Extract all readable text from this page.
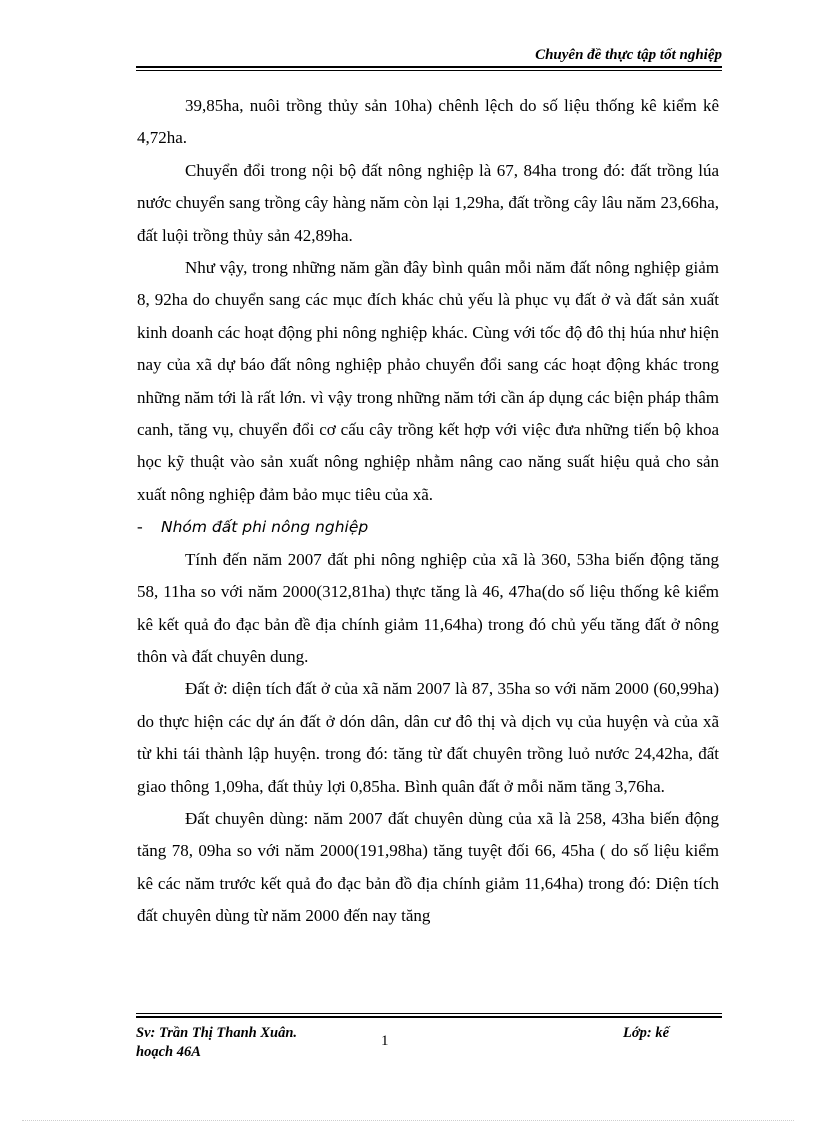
Chuyên đề thực tập tốt nghiệp

39,85ha, nuôi trồng thủy sản 10ha) chênh lệch do số liệu thống kê kiểm kê 4,72ha.

Chuyển đổi trong nội bộ đất nông nghiệp là 67, 84ha trong đó: đất trồng lúa nước chuyển sang trồng cây hàng năm còn lại 1,29ha, đất trồng cây lâu năm 23,66ha, đất luội trồng thủy sản 42,89ha.

Như vậy, trong những năm gần đây bình quân mỗi năm đất nông nghiệp giảm 8, 92ha do chuyển sang các mục đích khác chủ yếu là phục vụ đất ở và đất sản xuất kinh doanh các hoạt động phi nông nghiệp khác. Cùng với tốc độ đô thị húa như hiện nay của xã dự báo đất nông nghiệp phảo chuyển đổi sang các hoạt động khác trong những năm tới là rất lớn. vì vậy trong những năm tới cần áp dụng các biện pháp thâm canh, tăng vụ, chuyển đổi cơ cấu cây trồng kết hợp với việc đưa những tiến bộ khoa học kỹ thuật vào sản xuất nông nghiệp nhằm nâng cao năng suất hiệu quả cho sản xuất nông nghiệp đảm bảo mục tiêu của xã.

-	Nhóm đất phi nông nghiệp

Tính đến năm 2007 đất phi nông nghiệp của xã là 360, 53ha biến động tăng 58, 11ha so với năm 2000(312,81ha) thực tăng là 46, 47ha(do số liệu thống kê kiểm kê kết quả đo đạc bản đề địa chính giảm 11,64ha) trong đó chủ yếu tăng đất ở nông thôn và đất chuyên dung.

Đất ở: diện tích đất ở của xã năm 2007 là 87, 35ha so với năm 2000 (60,99ha) do thực hiện các dự án đất ở dón dân, dân cư đô thị và dịch vụ của huyện và của xã từ khi tái thành lập huyện. trong đó: tăng từ đất chuyên trồng luỏ nước 24,42ha, đất giao thông 1,09ha, đất thủy lợi 0,85ha. Bình quân đất ở mỗi năm tăng 3,76ha.

Đất chuyên dùng: năm 2007 đất chuyên dùng của xã là 258, 43ha biến động tăng 78, 09ha so với năm 2000(191,98ha) tăng tuyệt đối 66, 45ha ( do số liệu kiểm kê các năm trước kết quả đo đạc bản đồ địa chính giảm 11,64ha) trong đó: Diện tích đất chuyên dùng từ năm 2000 đến nay tăng

Sv: Trần Thị Thanh Xuân.
hoạch 46A
1	Lớp: kế
